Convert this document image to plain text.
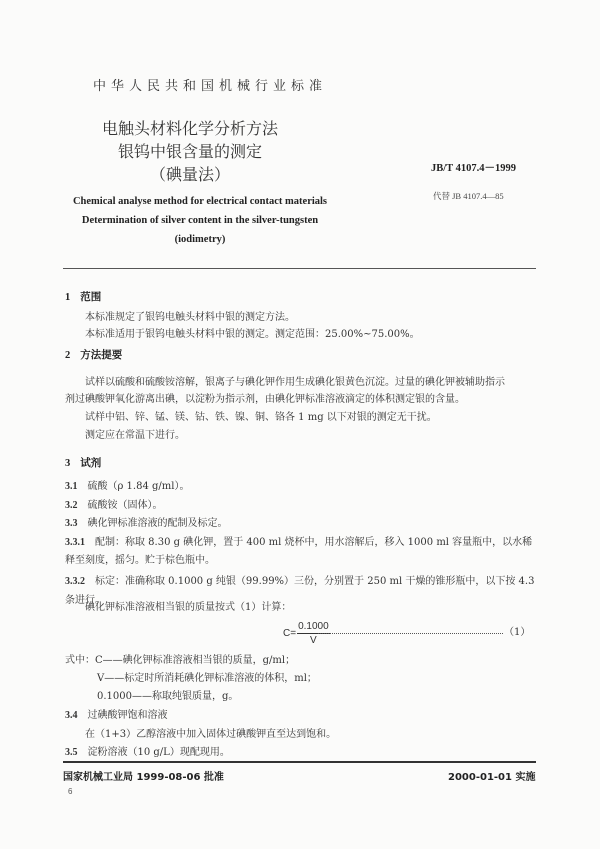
中华人民共和国机械行业标准
电触头材料化学分析方法
银钨中银含量的测定
（碘量法）
Chemical analyse method for electrical contact materials
Determination of silver content in the silver-tungsten
(iodimetry)
JB/T 4107.4－1999
代替 JB 4107.4—85
1 范围
本标准规定了银钨电触头材料中银的测定方法。
本标准适用于银钨电触头材料中银的测定。测定范围：25.00%~75.00%。
2 方法提要
试样以硫酸和硫酸铵溶解，银离子与碘化钾作用生成碘化银黄色沉淀。过量的碘化钾被辅助指示
剂过碘酸钾氧化游离出碘，以淀粉为指示剂，由碘化钾标准溶液滴定的体积测定银的含量。
试样中铝、锌、锰、镁、钴、铁、镍、铜、铬各 1 mg 以下对银的测定无干扰。
测定应在常温下进行。
3 试剂
3.1 硫酸（ρ 1.84 g/ml）。
3.2 硫酸铵（固体）。
3.3 碘化钾标准溶液的配制及标定。
3.3.1 配制：称取 8.30 g 碘化钾，置于 400 ml 烧杯中，用水溶解后，移入 1000 ml 容量瓶中，以水稀
释至刻度，摇匀。贮于棕色瓶中。
3.3.2 标定：准确称取 0.1000 g 纯银（99.99%）三份，分别置于 250 ml 干燥的锥形瓶中，以下按 4.3
条进行。
碘化钾标准溶液相当银的质量按式（1）计算：
$C= \frac{0.1000}{V}$	（1）
式中：C——碘化钾标准溶液相当银的质量，g/ml；
V——标定时所消耗碘化钾标准溶液的体积，ml；
0.1000——称取纯银质量，g。
3.4 过碘酸钾饱和溶液
在（1+3）乙醇溶液中加入固体过碘酸钾直至达到饱和。
3.5 淀粉溶液（10 g/L）现配现用。
国家机械工业局 1999-08-06 批准	2000-01-01 实施
6
